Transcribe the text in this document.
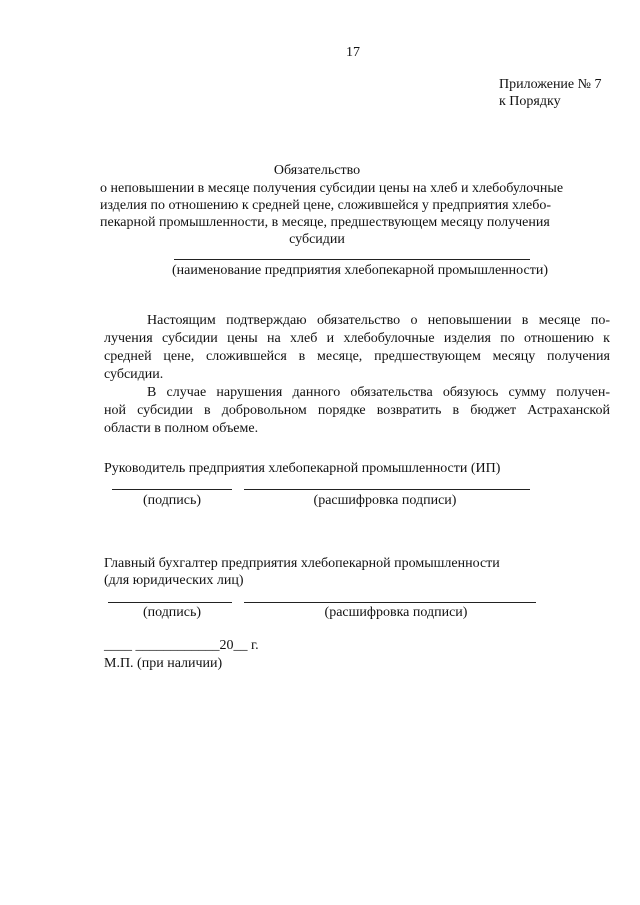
17
Приложение № 7
к Порядку
Обязательство
о неповышении в месяце получения субсидии цены на хлеб и хлебобулочные
изделия по отношению к средней цене, сложившейся у предприятия хлебо-
пекарной промышленности, в месяце, предшествующем месяцу получения
субсидии
(наименование предприятия хлебопекарной промышленности)
Настоящим подтверждаю обязательство о неповышении в месяце по-
лучения субсидии цены на хлеб и хлебобулочные изделия по отношению к
средней цене, сложившейся в месяце, предшествующем месяцу получения
субсидии.
В случае нарушения данного обязательства обязуюсь сумму получен-
ной субсидии в добровольном порядке возвратить в бюджет Астраханской
области в полном объеме.
Руководитель предприятия хлебопекарной промышленности (ИП)
(подпись)	(расшифровка подписи)
Главный бухгалтер предприятия хлебопекарной промышленности
(для юридических лиц)
(подпись)	(расшифровка подписи)
____ ____________20__ г.
М.П. (при наличии)
